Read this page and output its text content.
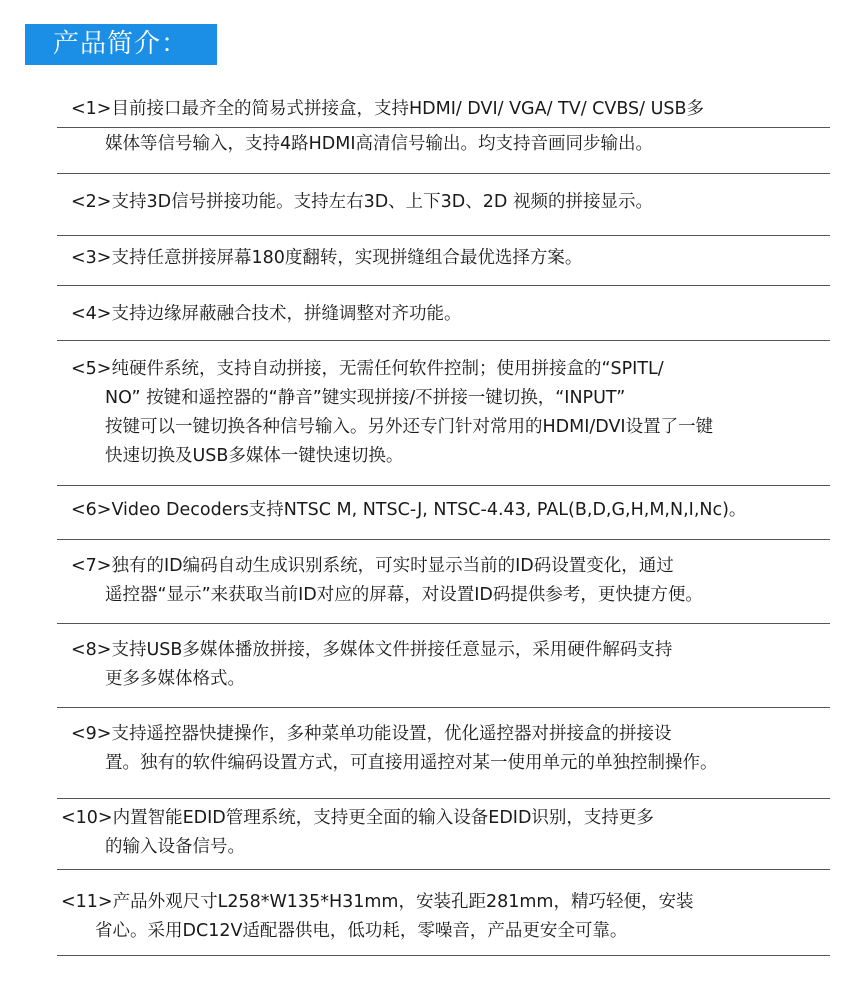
产品简介：
<1>目前接口最齐全的简易式拼接盒，支持HDMI/ DVI/ VGA/ TV/ CVBS/ USB多
媒体等信号输入，支持4路HDMI高清信号输出。均支持音画同步输出。
<2>支持3D信号拼接功能。支持左右3D、上下3D、2D 视频的拼接显示。
<3>支持任意拼接屏幕180度翻转，实现拼缝组合最优选择方案。
<4>支持边缘屏蔽融合技术，拼缝调整对齐功能。
<5>纯硬件系统，支持自动拼接，无需任何软件控制；使用拼接盒的“SPITL/
NO” 按键和遥控器的“静音”键实现拼接/不拼接一键切换，“INPUT”
按键可以一键切换各种信号输入。另外还专门针对常用的HDMI/DVI设置了一键
快速切换及USB多媒体一键快速切换。
<6>Video Decoders支持NTSC M, NTSC-J, NTSC-4.43, PAL(B,D,G,H,M,N,I,Nc)。
<7>独有的ID编码自动生成识别系统，可实时显示当前的ID码设置变化，通过
遥控器“显示”来获取当前ID对应的屏幕，对设置ID码提供参考，更快捷方便。
<8>支持USB多媒体播放拼接，多媒体文件拼接任意显示，采用硬件解码支持
更多多媒体格式。
<9>支持遥控器快捷操作，多种菜单功能设置，优化遥控器对拼接盒的拼接设
置。独有的软件编码设置方式，可直接用遥控对某一使用单元的单独控制操作。
<10>内置智能EDID管理系统，支持更全面的输入设备EDID识别，支持更多
的输入设备信号。
<11>产品外观尺寸L258*W135*H31mm，安装孔距281mm，精巧轻便，安装
省心。采用DC12V适配器供电，低功耗，零噪音，产品更安全可靠。
